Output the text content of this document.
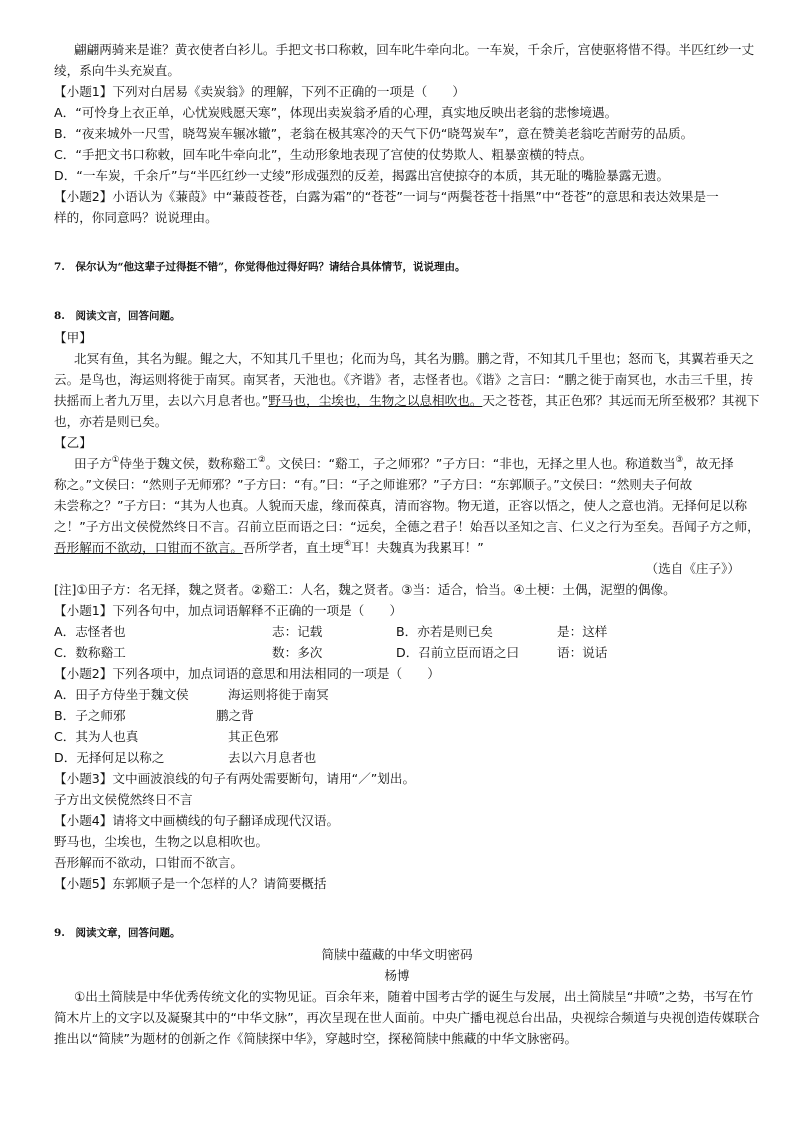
翩翩两骑来是谁？黄衣使者白衫儿。手把文书口称敕，回车叱牛牵向北。一车炭，千余斤，宫使驱将惜不得。半匹红纱一丈
绫，系向牛头充炭直。
【小题1】下列对白居易《卖炭翁》的理解，下列不正确的一项是（　　）
A．“可怜身上衣正单，心忧炭贱愿天寒”，体现出卖炭翁矛盾的心理，真实地反映出老翁的悲惨境遇。
B．“夜来城外一尺雪，晓驾炭车辗冰辙”，老翁在极其寒冷的天气下仍“晓驾炭车”，意在赞美老翁吃苦耐劳的品质。
C．“手把文书口称敕，回车叱牛牵向北”，生动形象地表现了宫使的仗势欺人、粗暴蛮横的特点。
D．“一车炭，千余斤”与“半匹红纱一丈绫”形成强烈的反差，揭露出宫使掠夺的本质，其无耻的嘴脸暴露无遗。
【小题2】小语认为《蒹葭》中“蒹葭苍苍，白露为霜”的“苍苍”一词与“两鬓苍苍十指黑”中“苍苍”的意思和表达效果是一
样的，你同意吗？说说理由。
7.　保尔认为“他这辈子过得挺不错”，你觉得他过得好吗？请结合具体情节，说说理由。
8.　阅读文言，回答问题。
【甲】
北冥有鱼，其名为鲲。鲲之大，不知其几千里也；化而为鸟，其名为鹏。鹏之背，不知其几千里也；怒而飞，其翼若垂天之
云。是鸟也，海运则将徙于南冥。南冥者，天池也。《齐谐》者，志怪者也。《谐》之言曰：“鹏之徙于南冥也，水击三千里，抟
扶摇而上者九万里，去以六月息者也。”野马也，尘埃也，生物之以息相吹也。天之苍苍，其正色邪？其远而无所至极邪？其视下
也，亦若是则已矣。
【乙】
田子方①侍坐于魏文侯，数称谿工②。文侯曰：“谿工，子之师邪？”子方曰：“非也，无择之里人也。称道数当③，故无择
称之。”文侯曰：“然则子无师邪？”子方曰：“有。”曰：“子之师谁邪？”子方曰：“东郭顺子。”文侯曰：“然则夫子何故
未尝称之？”子方曰：“其为人也真。人貌而天虚，缘而葆真，清而容物。物无道，正容以悟之，使人之意也消。无择何足以称
之！”子方出文侯傥然终日不言。召前立臣而语之曰：“远矣，全德之君子！始吾以圣知之言、仁义之行为至矣。吾闻子方之师，
吾形解而不欲动，口钳而不欲言。吾所学者，直土埂④耳！夫魏真为我累耳！”
（选自《庄子》）
[注]①田子方：名无择，魏之贤者。②谿工：人名，魏之贤者。③当：适合，恰当。④土梗：土偶，泥塑的偶像。
【小题1】下列各句中，加点词语解释不正确的一项是（　　）
A．志怪者也	志：记载	B．亦若是则已矣	是：这样
C．数称谿工	数：多次	D．召前立臣而语之曰	语：说话
【小题2】下列各项中，加点词语的意思和用法相同的一项是（　　）
A．田子方侍坐于魏文侯	海运则将徙于南冥
B．子之师邪	鹏之背
C．其为人也真	其正色邪
D．无择何足以称之	去以六月息者也
【小题3】文中画波浪线的句子有两处需要断句，请用“／”划出。
子方出文侯傥然终日不言
【小题4】请将文中画横线的句子翻译成现代汉语。
野马也，尘埃也，生物之以息相吹也。
吾形解而不欲动，口钳而不欲言。
【小题5】东郭顺子是一个怎样的人？请简要概括
9.　阅读文章，回答问题。
简牍中蕴藏的中华文明密码
杨博
①出土简牍是中华优秀传统文化的实物见证。百余年来，随着中国考古学的诞生与发展，出土简牍呈“井喷”之势，书写在竹
简木片上的文字以及凝聚其中的“中华文脉”，再次呈现在世人面前。中央广播电视总台出品，央视综合频道与央视创造传媒联合
推出以“简牍”为题材的创新之作《简牍探中华》，穿越时空，探秘简牍中熊藏的中华文脉密码。
